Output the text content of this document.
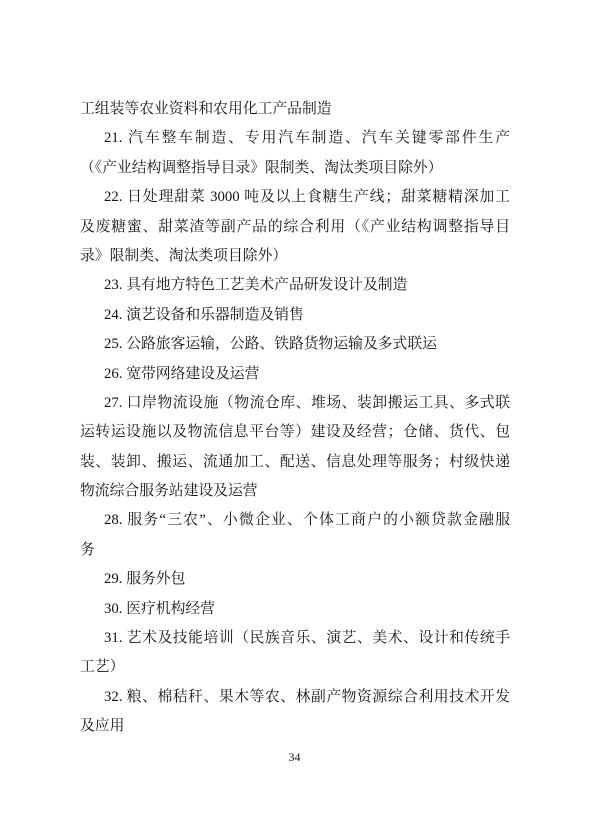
工组装等农业资料和农用化工产品制造
21. 汽车整车制造、专用汽车制造、汽车关键零部件生产
（《产业结构调整指导目录》限制类、淘汰类项目除外）
22. 日处理甜菜 3000 吨及以上食糖生产线；甜菜糖精深加工
及废糖蜜、甜菜渣等副产品的综合利用（《产业结构调整指导目
录》限制类、淘汰类项目除外）
23. 具有地方特色工艺美术产品研发设计及制造
24. 演艺设备和乐器制造及销售
25. 公路旅客运输，公路、铁路货物运输及多式联运
26. 宽带网络建设及运营
27. 口岸物流设施（物流仓库、堆场、装卸搬运工具、多式联
运转运设施以及物流信息平台等）建设及经营；仓储、货代、包
装、装卸、搬运、流通加工、配送、信息处理等服务；村级快递
物流综合服务站建设及运营
28. 服务“三农”、小微企业、个体工商户的小额贷款金融服
务
29. 服务外包
30. 医疗机构经营
31. 艺术及技能培训（民族音乐、演艺、美术、设计和传统手
工艺）
32. 粮、棉秸秆、果木等农、林副产物资源综合利用技术开发
及应用
34
